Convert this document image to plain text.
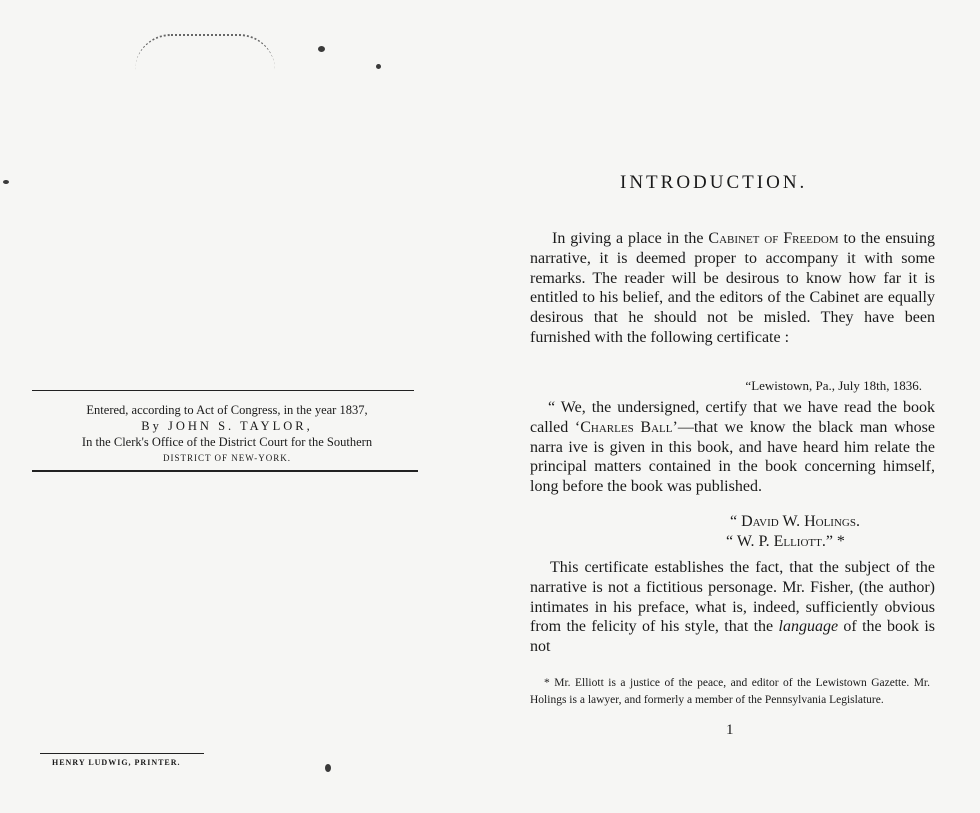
Entered, according to Act of Congress, in the year 1837,
By JOHN S. TAYLOR,
In the Clerk's Office of the District Court for the Southern
DISTRICT OF NEW-YORK.
HENRY LUDWIG, PRINTER.
INTRODUCTION.
In giving a place in the Cabinet of Freedom to the ensuing narrative, it is deemed proper to accompany it with some remarks. The reader will be desirous to know how far it is entitled to his belief, and the editors of the Cabinet are equally desirous that he should not be misled. They have been furnished with the following certificate :
“Lewistown, Pa., July 18th, 1836.
“ We, the undersigned, certify that we have read the book called ‘Charles Ball’—that we know the black man whose narra ive is given in this book, and have heard him relate the principal matters contained in the book concerning himself, long before the book was published.
“ David W. Holings.
“ W. P. Elliott.” *
This certificate establishes the fact, that the subject of the narrative is not a fictitious personage. Mr. Fisher, (the author) intimates in his preface, what is, indeed, sufficiently obvious from the felicity of his style, that the language of the book is not
* Mr. Elliott is a justice of the peace, and editor of the Lewistown Gazette. Mr. Holings is a lawyer, and formerly a member of the Pennsylvania Legislature.
1
